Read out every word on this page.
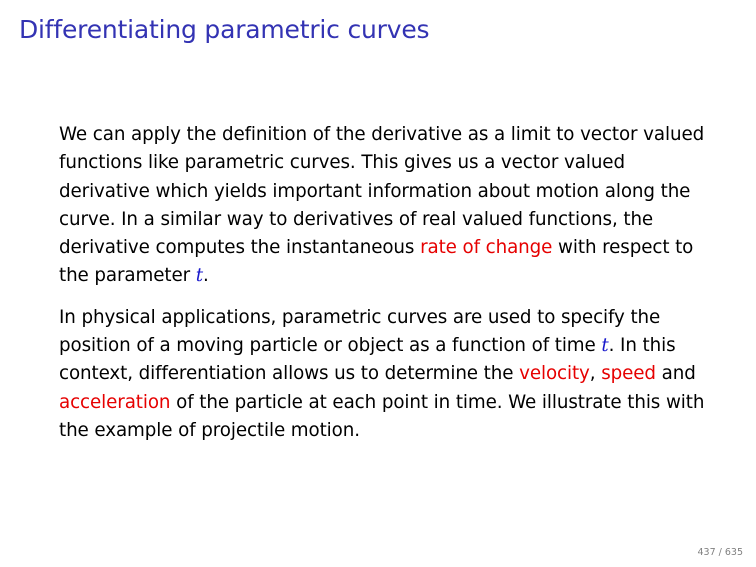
Differentiating parametric curves

We can apply the definition of the derivative as a limit to vector valued functions like parametric curves. This gives us a vector valued derivative which yields important information about motion along the curve. In a similar way to derivatives of real valued functions, the derivative computes the instantaneous rate of change with respect to the parameter t.

In physical applications, parametric curves are used to specify the position of a moving particle or object as a function of time t. In this context, differentiation allows us to determine the velocity, speed and acceleration of the particle at each point in time. We illustrate this with the example of projectile motion.

437 / 635
